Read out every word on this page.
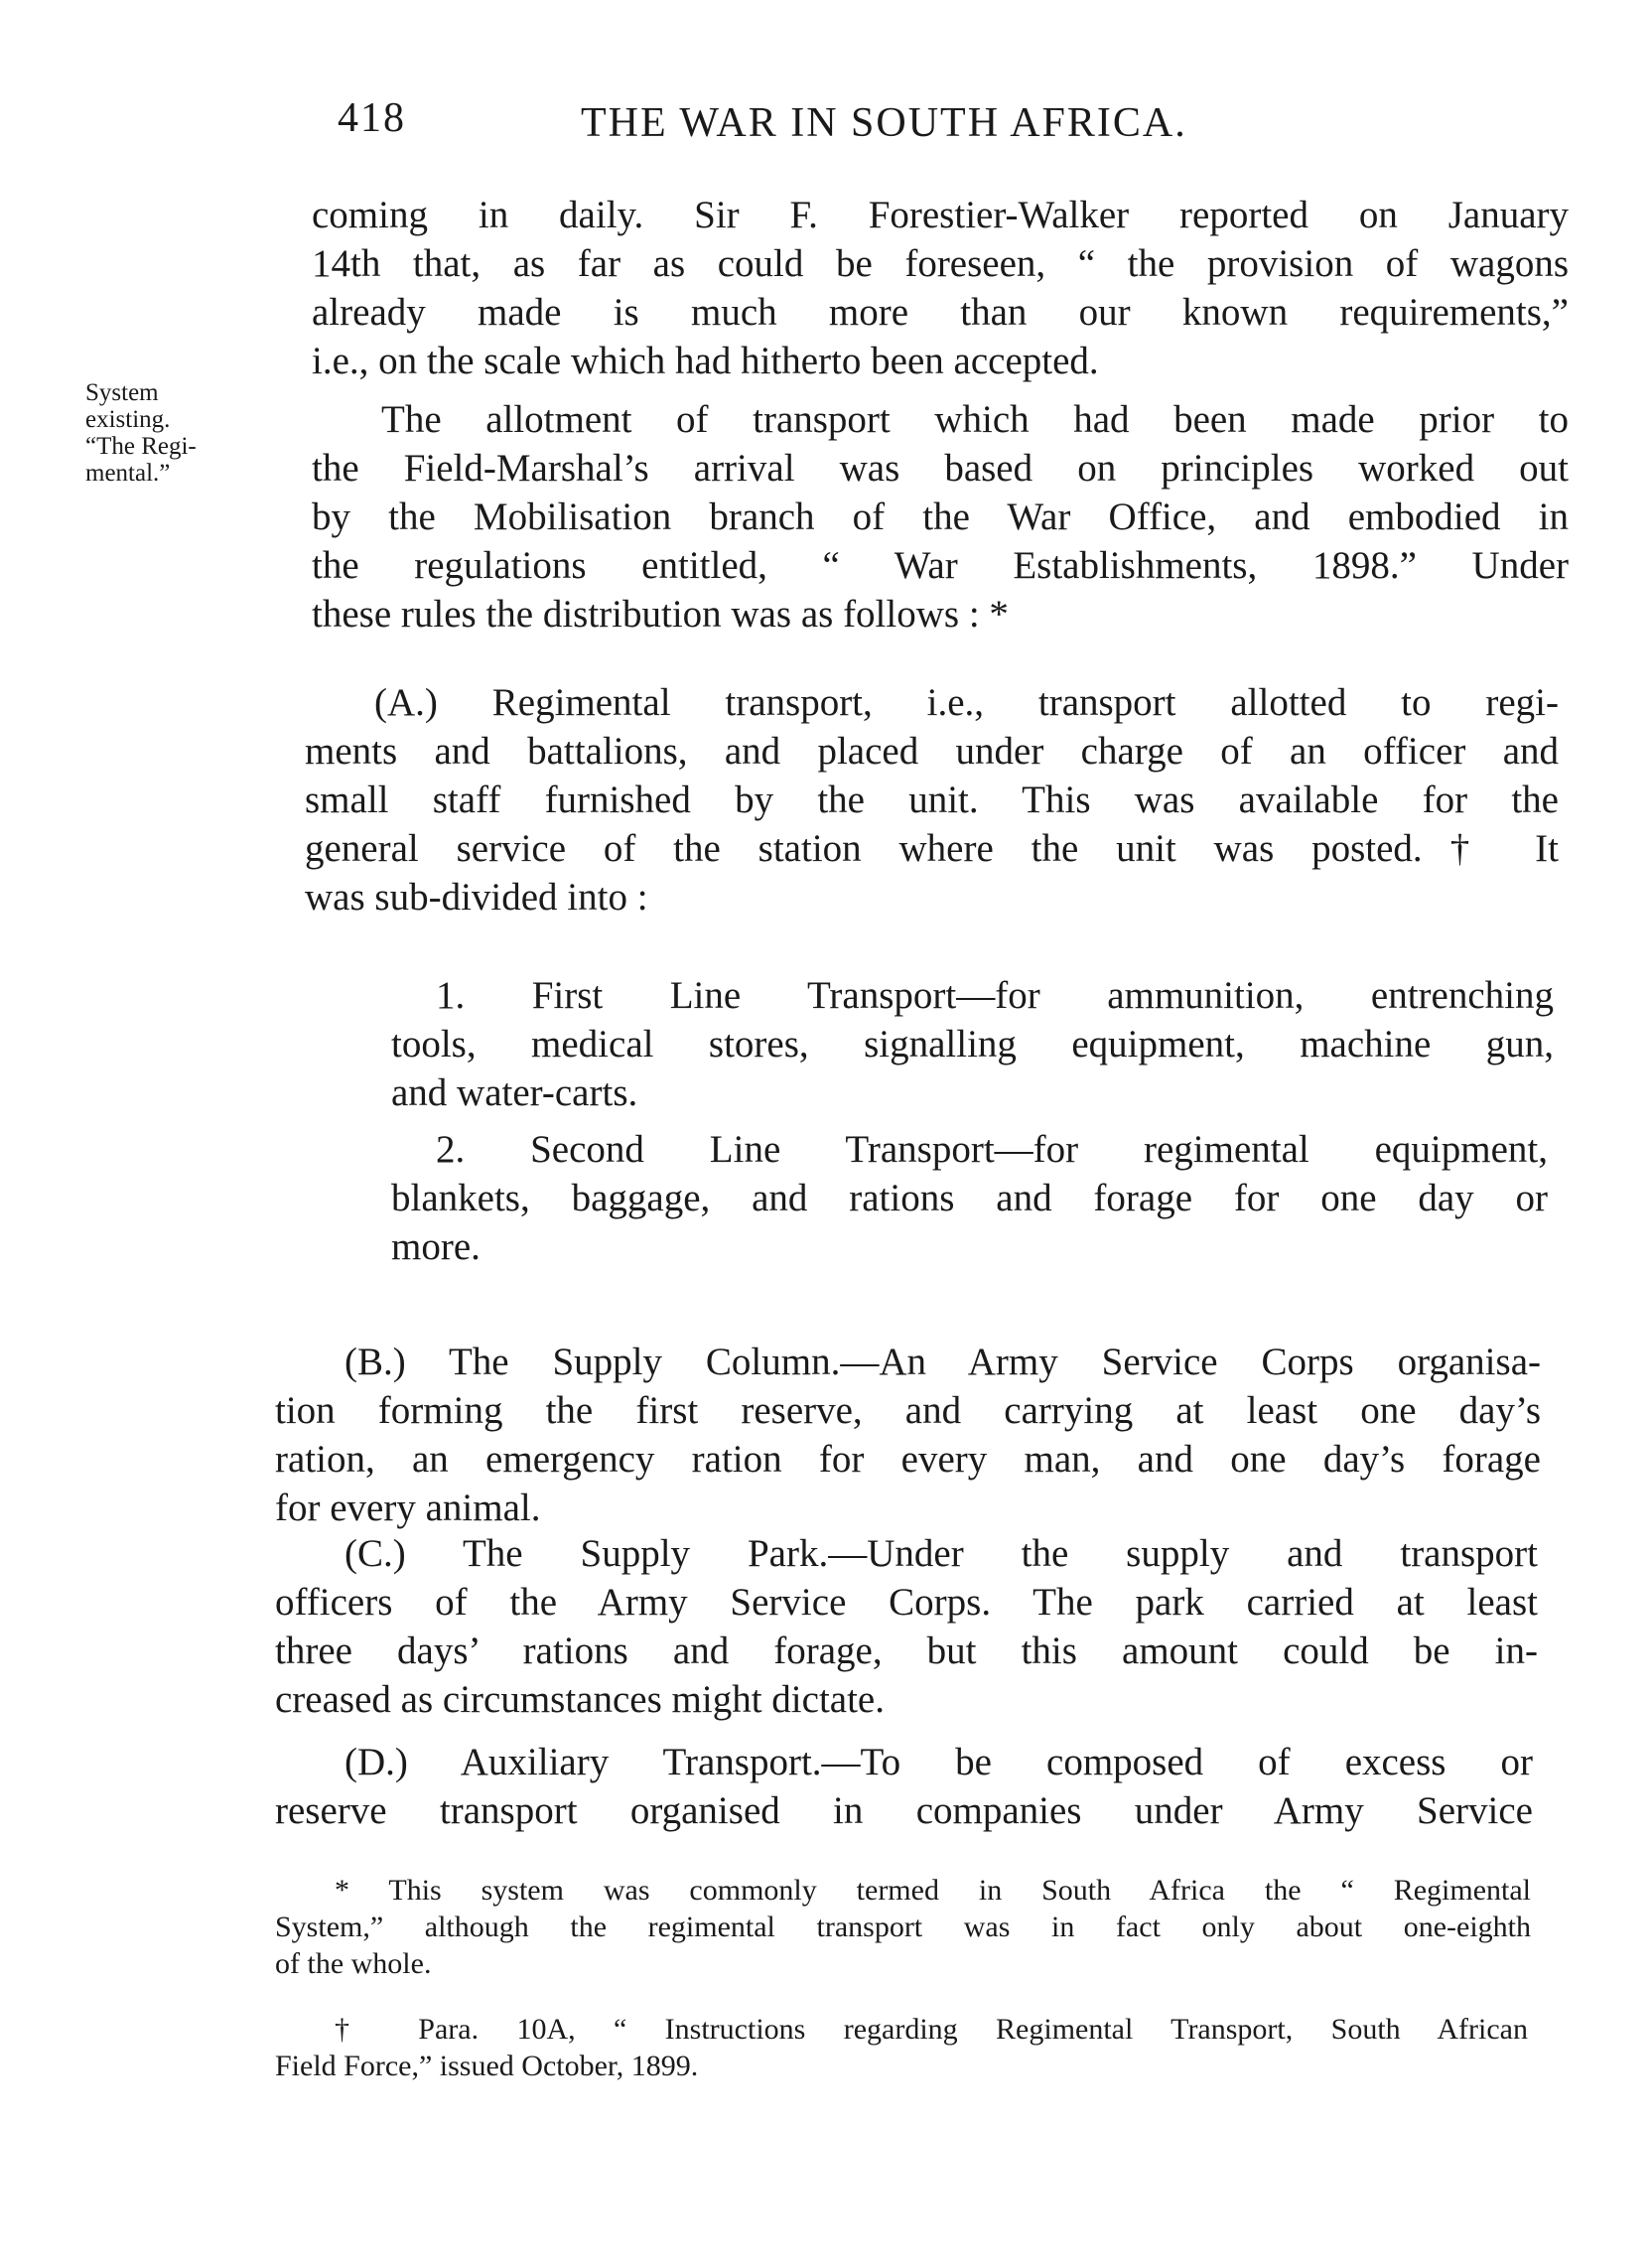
418	THE WAR IN SOUTH AFRICA.
System
existing.
“The Regi-
mental.”
coming in daily. Sir F. Forestier-Walker reported on January
14th that, as far as could be foreseen, “ the provision of wagons
already made is much more than our known requirements,”
i.e., on the scale which had hitherto been accepted.
The allotment of transport which had been made prior to
the Field-Marshal’s arrival was based on principles worked out
by the Mobilisation branch of the War Office, and embodied in
the regulations entitled, “ War Establishments, 1898.” Under
these rules the distribution was as follows : *
(A.) Regimental transport, i.e., transport allotted to regi-
ments and battalions, and placed under charge of an officer and
small staff furnished by the unit. This was available for the
general service of the station where the unit was posted.† It
was sub-divided into :
1. First Line Transport—for ammunition, entrenching
tools, medical stores, signalling equipment, machine gun,
and water-carts.
2. Second Line Transport—for regimental equipment,
blankets, baggage, and rations and forage for one day or
more.
(B.) The Supply Column.—An Army Service Corps organisa-
tion forming the first reserve, and carrying at least one day’s
ration, an emergency ration for every man, and one day’s forage
for every animal.
(C.) The Supply Park.—Under the supply and transport
officers of the Army Service Corps. The park carried at least
three days’ rations and forage, but this amount could be in-
creased as circumstances might dictate.
(D.) Auxiliary Transport.—To be composed of excess or
reserve transport organised in companies under Army Service
* This system was commonly termed in South Africa the “ Regimental
System,” although the regimental transport was in fact only about one-eighth
of the whole.
† Para. 10A, “ Instructions regarding Regimental Transport, South African
Field Force,” issued October, 1899.
